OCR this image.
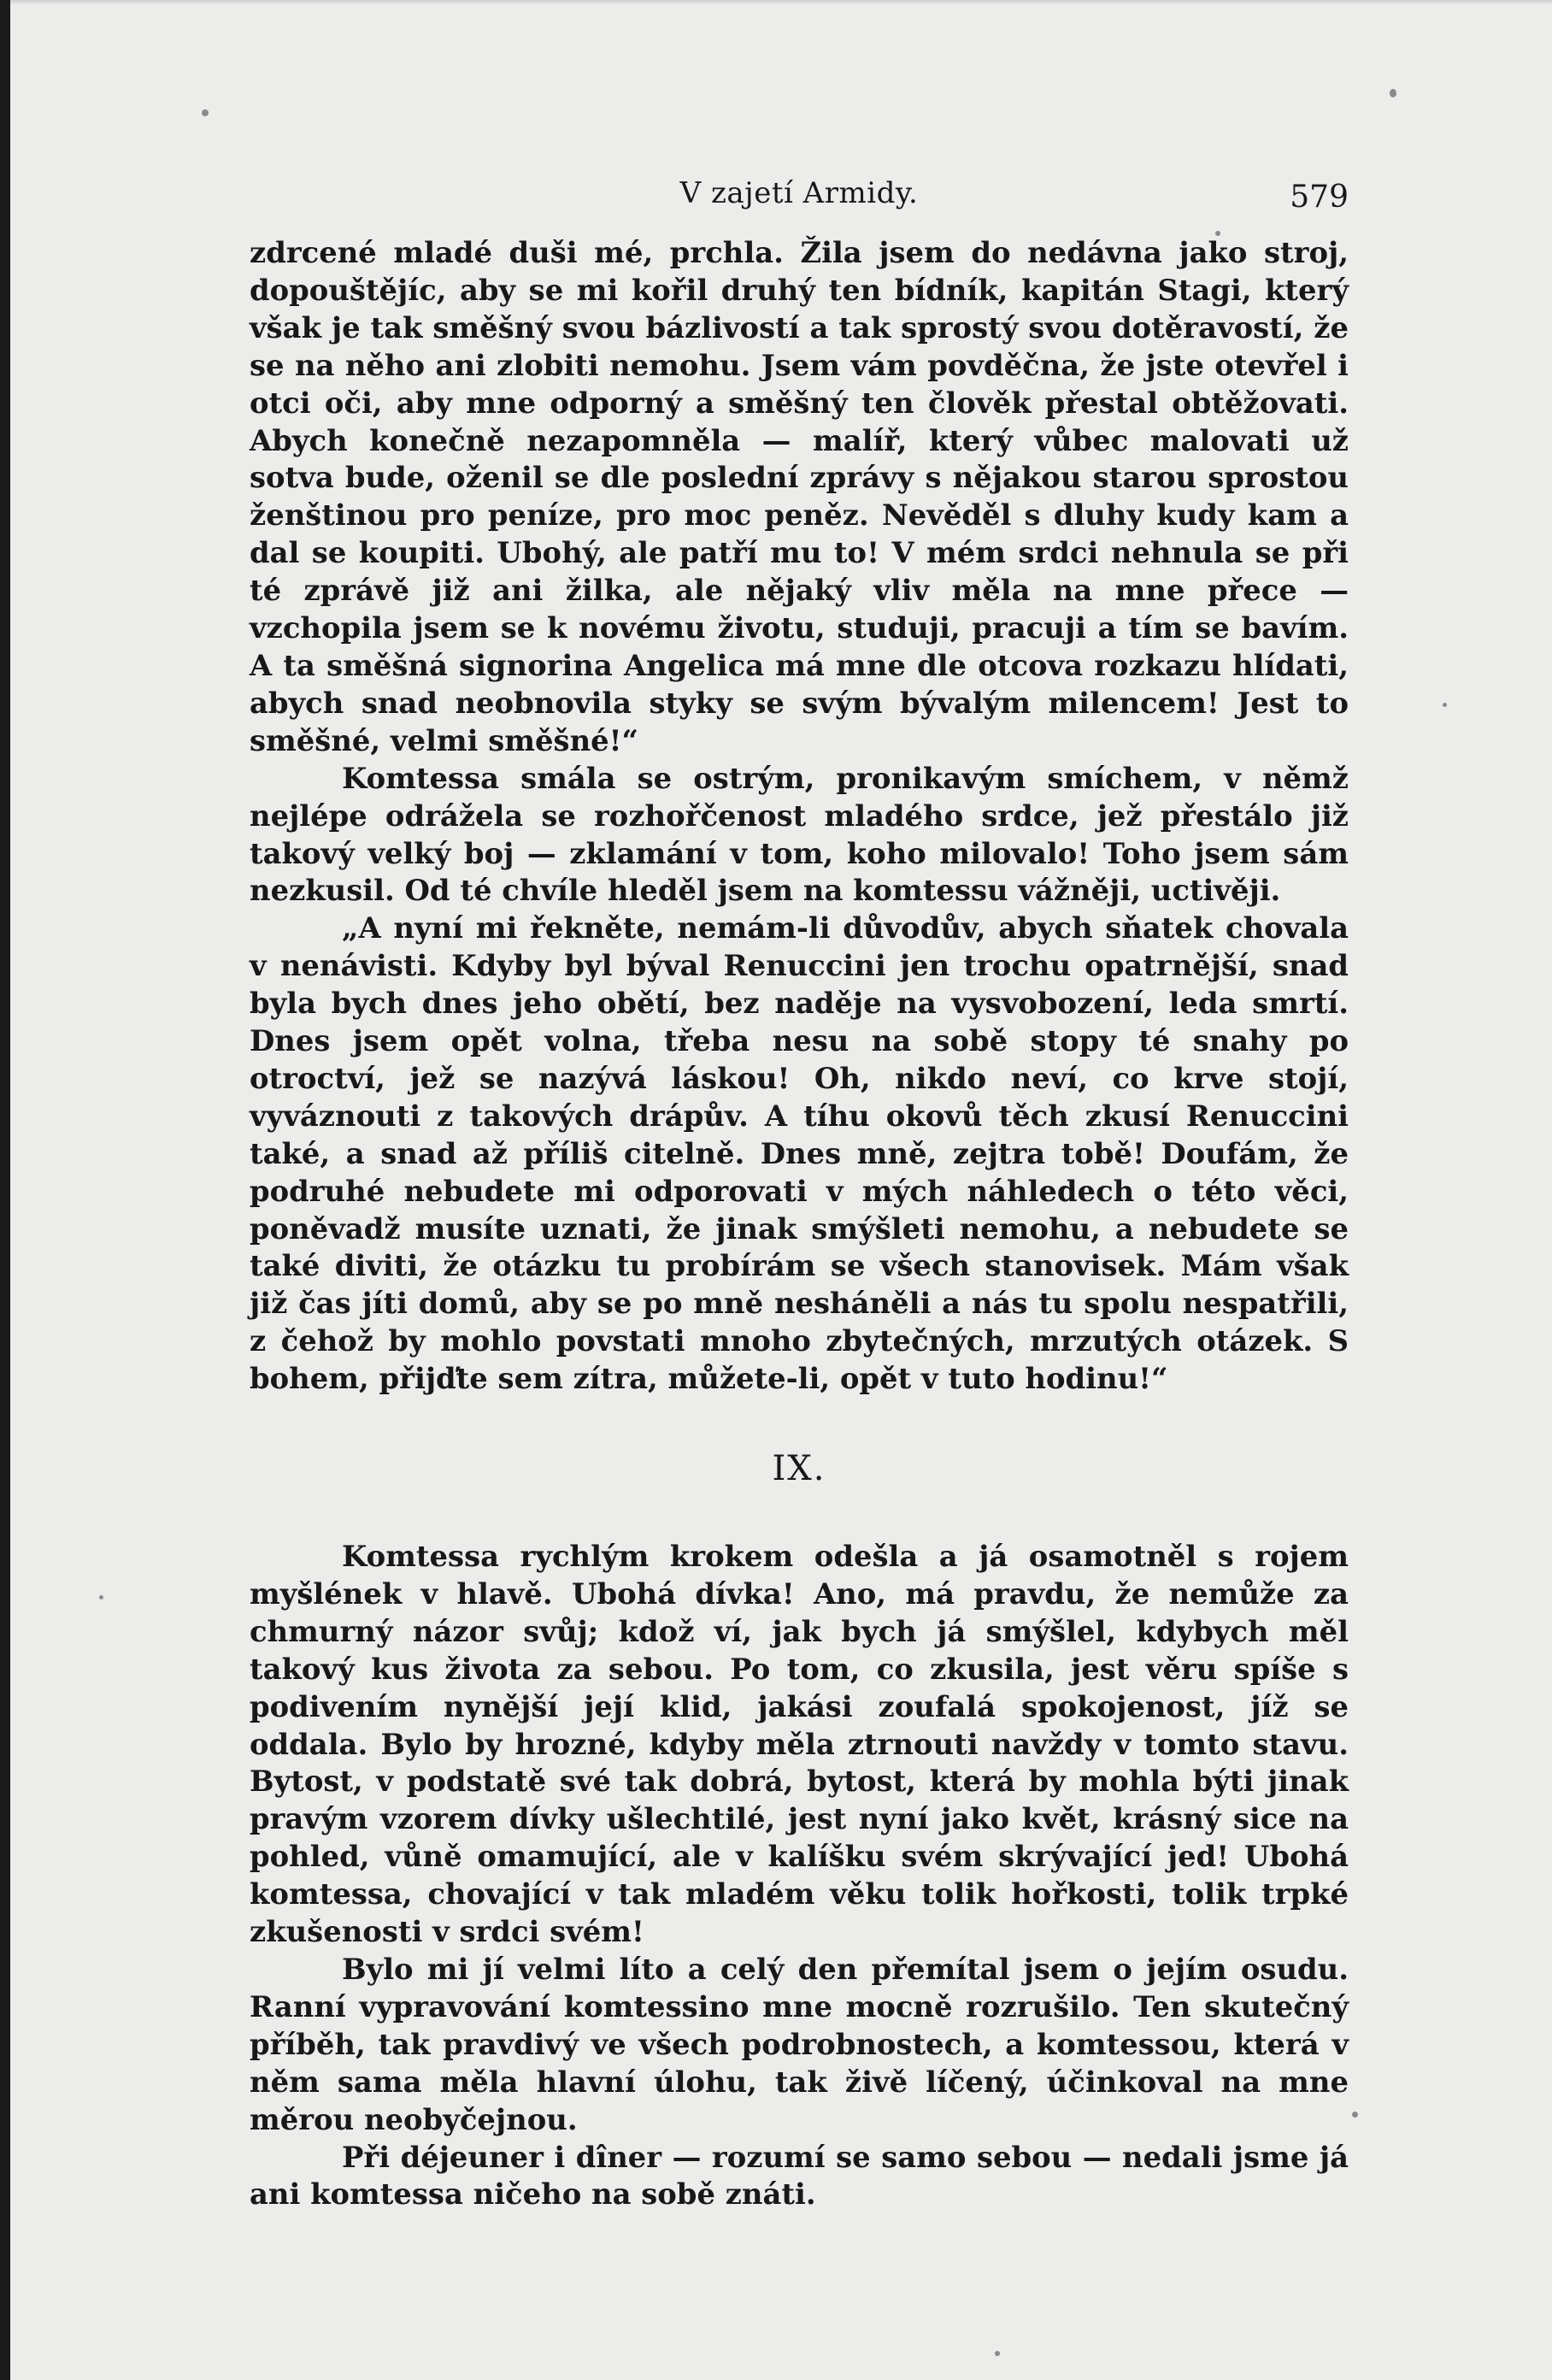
V zajetí Armidy.	579

zdrcené mladé duši mé, prchla. Žila jsem do nedávna jako stroj, dopouštějíc, aby se mi kořil druhý ten bídník, kapitán Stagi, který však je tak směšný svou bázlivostí a tak sprostý svou dotěravostí, že se na něho ani zlobiti nemohu. Jsem vám povděčna, že jste otevřel i otci oči, aby mne odporný a směšný ten člověk přestal obtěžovati. Abych konečně nezapomněla — malíř, který vůbec malovati už sotva bude, oženil se dle poslední zprávy s nějakou starou sprostou ženštinou pro peníze, pro moc peněz. Nevěděl s dluhy kudy kam a dal se koupiti. Ubohý, ale patří mu to! V mém srdci nehnula se při té zprávě již ani žilka, ale nějaký vliv měla na mne přece — vzchopila jsem se k novému životu, studuji, pracuji a tím se bavím. A ta směšná signorina Angelica má mne dle otcova rozkazu hlídati, abych snad neobnovila styky se svým bývalým milencem! Jest to směšné, velmi směšné!“

Komtessa smála se ostrým, pronikavým smíchem, v němž nejlépe odrážela se rozhořčenost mladého srdce, jež přestálo již takový velký boj — zklamání v tom, koho milovalo! Toho jsem sám nezkusil. Od té chvíle hleděl jsem na komtessu vážněji, uctivěji.

„A nyní mi řekněte, nemám-li důvodův, abych sňatek chovala v nenávisti. Kdyby byl býval Renuccini jen trochu opatrnější, snad byla bych dnes jeho obětí, bez naděje na vysvobození, leda smrtí. Dnes jsem opět volna, třeba nesu na sobě stopy té snahy po otroctví, jež se nazývá láskou! Oh, nikdo neví, co krve stojí, vyváznouti z takových drápův. A tíhu okovů těch zkusí Renuccini také, a snad až příliš citelně. Dnes mně, zejtra tobě! Doufám, že podruhé nebudete mi odporovati v mých náhledech o této věci, poněvadž musíte uznati, že jinak smýšleti nemohu, a nebudete se také diviti, že otázku tu probírám se všech stanovisek. Mám však již čas jíti domů, aby se po mně nesháněli a nás tu spolu nespatřili, z čehož by mohlo povstati mnoho zbytečných, mrzutých otázek. S bohem, přijďte sem zítra, můžete-li, opět v tuto hodinu!“

IX.

Komtessa rychlým krokem odešla a já osamotněl s rojem myšlének v hlavě. Ubohá dívka! Ano, má pravdu, že nemůže za chmurný názor svůj; kdož ví, jak bych já smýšlel, kdybych měl takový kus života za sebou. Po tom, co zkusila, jest věru spíše s podivením nynější její klid, jakási zoufalá spokojenost, jíž se oddala. Bylo by hrozné, kdyby měla ztrnouti navždy v tomto stavu. Bytost, v podstatě své tak dobrá, bytost, která by mohla býti jinak pravým vzorem dívky ušlechtilé, jest nyní jako květ, krásný sice na pohled, vůně omamující, ale v kalíšku svém skrývající jed! Ubohá komtessa, chovající v tak mladém věku tolik hořkosti, tolik trpké zkušenosti v srdci svém!

Bylo mi jí velmi líto a celý den přemítal jsem o jejím osudu. Ranní vypravování komtessino mne mocně rozrušilo. Ten skutečný příběh, tak pravdivý ve všech podrobnostech, a komtessou, která v něm sama měla hlavní úlohu, tak živě líčený, účinkoval na mne měrou neobyčejnou.

Při déjeuner i dîner — rozumí se samo sebou — nedali jsme já ani komtessa ničeho na sobě znáti.
